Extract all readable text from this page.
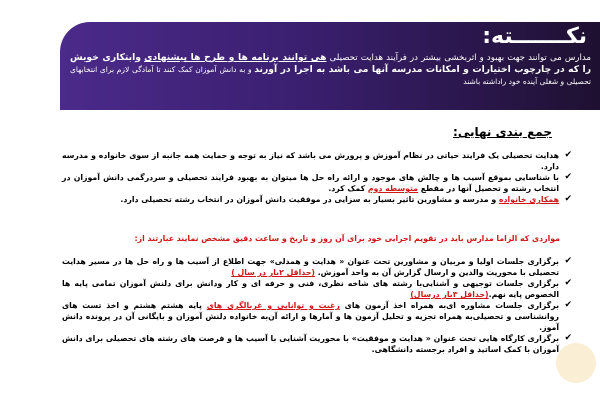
نکـــــــته:
مدارس می توانند جهت بهبود و اثربخشی بیشتر در فرآیند هدایت تحصیلی هی توانند برنامه ها و طرح ها پیشنهادی وابتکاری خویش را که در چارچوب اختیارات و امکانات مدرسه آنها می باشد به اجرا در آورند و به دانش آموزان کمک کنند تا آمادگی لازم برای انتخابهای تحصیلی و شغلی آینده خود راداشته باشند
جمع بندی نهایی:
✔
هدایت تحصیلی یک فرایند حیاتی در نظام آموزش و پرورش می باشد که نیاز به توجه و حمایت همه جانبه از سوی خانواده و مدرسه دارد.
✔
با شناسایی بموقع آسیب ها و چالش های موجود و ارائه راه حل ها میتوان به بهبود فرایند تحصیلی و سردرگمی دانش آموزان در انتخاب رشته و تحصیل آنها در مقطع متوسطه دوم کمک کرد.
✔
همکاری خانواده و مدرسه و مشاورین تاثیر بسیار به سزایی در موفقیت دانش آموزان در انتخاب رشته تحصیلی دارد.
مواردی که الزاما مدارس باید در تقویم اجرایی خود برای آن روز و تاریخ و ساعت دقیق مشخص نمایند عبارتند از:
✔
برگزاری جلسات اولیا و مربیان و مشاورین تحت عنوان « هدایت و همدلی» جهت اطلاع از آسیب ها و راه حل ها در مسیر هدایت تحصیلی با محوریت والدین و ارسال گزارش آن به واحد آموزش. (حداقل ۲بار در سال )
✔
برگزاری جلسات توجیهی و آشنایی‌با رشته های شاخه نظری، فنی و حرفه ای و کار ودانش برای دلنش آموزان تمامی پایه ها الخصوص پایه نهم.(حداقل ۳بار درسال)
✔
برگزاری جلسات مشاوره ای‌به همراه اخذ آزمون های رغبت و توانایی و غربالگری های پایه هشتم هشتم و اخذ تست های روانشناسی و تحصیلی‌به همراه تجزیه و تحلیل آزمون ها و آمارها و ارائه آن‌به خانواده دلنش آموزان و بایگانی آن در پرونده دانش آموز.
✔
برگزاری کارگاه هایی تحت عنوان « هدایت و موفقیت» با محوریت آشنایی با آسیب ها و فرصت های رشته های تحصیلی برای دانش آموزان با کمک اساتید و افراد برجسته دانشگاهی.
